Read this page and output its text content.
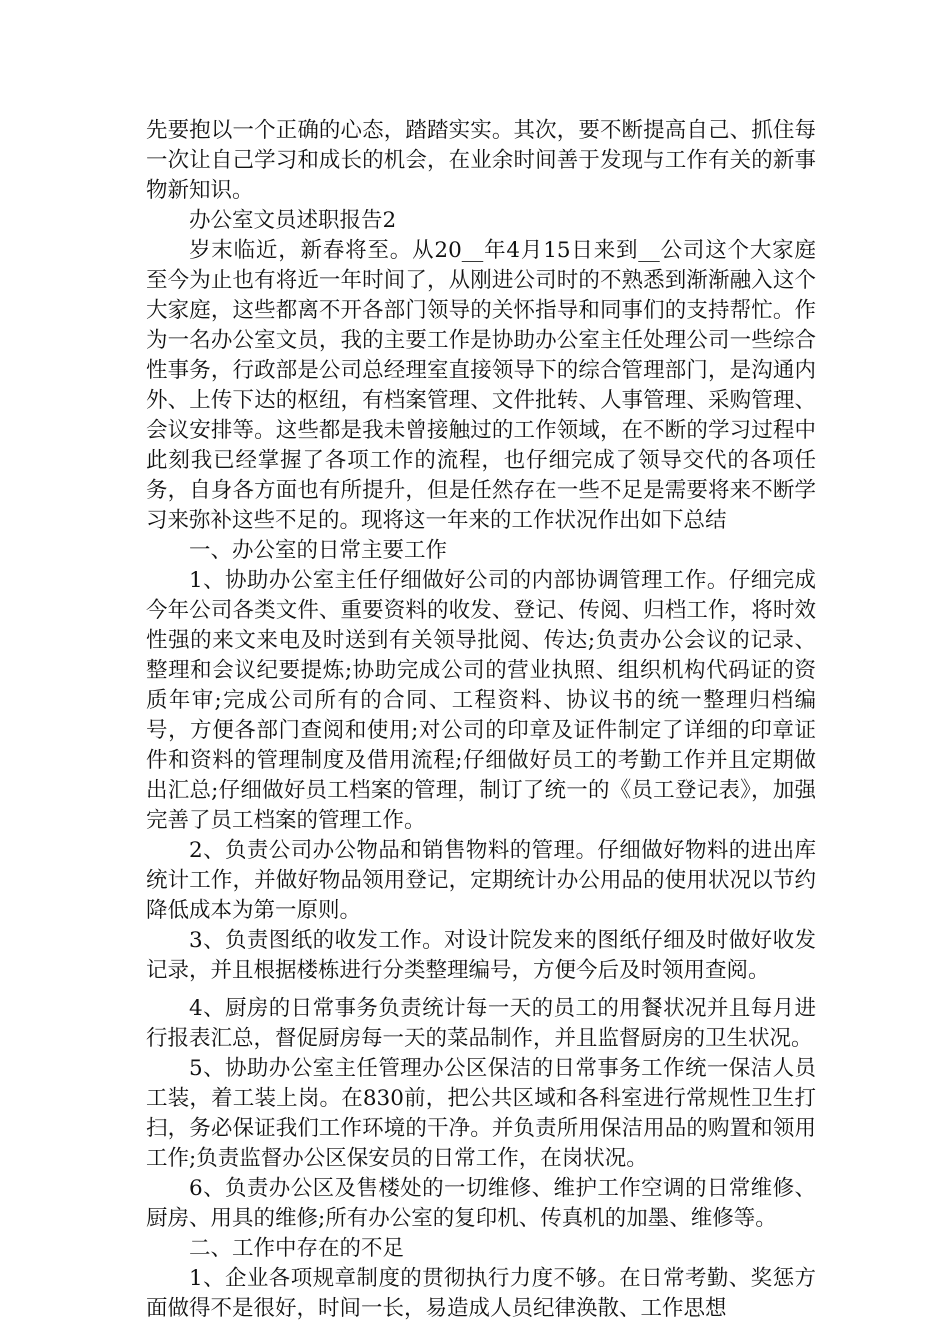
先要抱以一个正确的心态，踏踏实实。其次，要不断提高自己、抓住每一次让自己学习和成长的机会，在业余时间善于发现与工作有关的新事物新知识。

办公室文员述职报告2

岁末临近，新春将至。从20__年4月15日来到__公司这个大家庭至今为止也有将近一年时间了，从刚进公司时的不熟悉到渐渐融入这个大家庭，这些都离不开各部门领导的关怀指导和同事们的支持帮忙。作为一名办公室文员，我的主要工作是协助办公室主任处理公司一些综合性事务，行政部是公司总经理室直接领导下的综合管理部门，是沟通内外、上传下达的枢纽，有档案管理、文件批转、人事管理、采购管理、会议安排等。这些都是我未曾接触过的工作领域，在不断的学习过程中此刻我已经掌握了各项工作的流程，也仔细完成了领导交代的各项任务，自身各方面也有所提升，但是任然存在一些不足是需要将来不断学习来弥补这些不足的。现将这一年来的工作状况作出如下总结

一、办公室的日常主要工作

1、协助办公室主任仔细做好公司的内部协调管理工作。仔细完成今年公司各类文件、重要资料的收发、登记、传阅、归档工作，将时效性强的来文来电及时送到有关领导批阅、传达;负责办公会议的记录、整理和会议纪要提炼;协助完成公司的营业执照、组织机构代码证的资质年审;完成公司所有的合同、工程资料、协议书的统一整理归档编号，方便各部门查阅和使用;对公司的印章及证件制定了详细的印章证件和资料的管理制度及借用流程;仔细做好员工的考勤工作并且定期做出汇总;仔细做好员工档案的管理，制订了统一的《员工登记表》，加强完善了员工档案的管理工作。

2、负责公司办公物品和销售物料的管理。仔细做好物料的进出库统计工作，并做好物品领用登记，定期统计办公用品的使用状况以节约降低成本为第一原则。

3、负责图纸的收发工作。对设计院发来的图纸仔细及时做好收发记录，并且根据楼栋进行分类整理编号，方便今后及时领用查阅。

4、厨房的日常事务负责统计每一天的员工的用餐状况并且每月进行报表汇总，督促厨房每一天的菜品制作，并且监督厨房的卫生状况。

5、协助办公室主任管理办公区保洁的日常事务工作统一保洁人员工装，着工装上岗。在830前，把公共区域和各科室进行常规性卫生打扫，务必保证我们工作环境的干净。并负责所用保洁用品的购置和领用工作;负责监督办公区保安员的日常工作，在岗状况。

6、负责办公区及售楼处的一切维修、维护工作空调的日常维修、厨房、用具的维修;所有办公室的复印机、传真机的加墨、维修等。

二、工作中存在的不足

1、企业各项规章制度的贯彻执行力度不够。在日常考勤、奖惩方面做得不是很好，时间一长，易造成人员纪律涣散、工作思想
